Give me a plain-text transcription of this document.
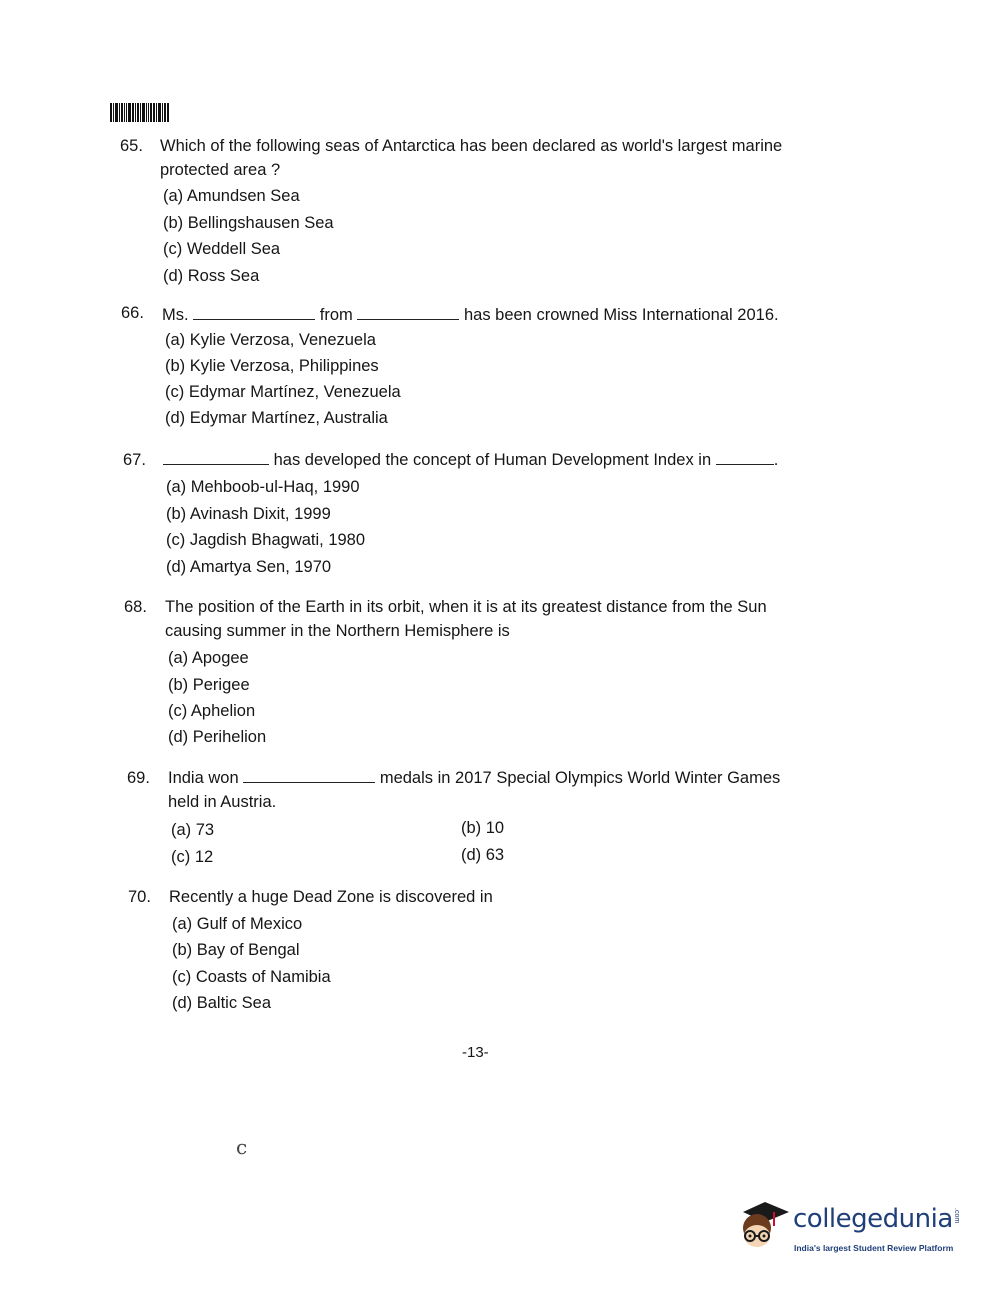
65. Which of the following seas of Antarctica has been declared as world's largest marine
protected area ?
(a) Amundsen Sea
(b) Bellingshausen Sea
(c) Weddell Sea
(d) Ross Sea
66. Ms.	from	has been crowned Miss International 2016.
(a) Kylie Verzosa, Venezuela
(b) Kylie Verzosa, Philippines
(c) Edymar Martínez, Venezuela
(d) Edymar Martínez, Australia
67.	has developed the concept of Human Development Index in	.
(a) Mehboob-ul-Haq, 1990
(b) Avinash Dixit, 1999
(c) Jagdish Bhagwati, 1980
(d) Amartya Sen, 1970
68. The position of the Earth in its orbit, when it is at its greatest distance from the Sun
causing summer in the Northern Hemisphere is
(a) Apogee
(b) Perigee
(c) Aphelion
(d) Perihelion
69. India won	medals in 2017 Special Olympics World Winter Games
held in Austria.
(a) 73	(b) 10
(c) 12	(d) 63
70. Recently a huge Dead Zone is discovered in
(a) Gulf of Mexico
(b) Bay of Bengal
(c) Coasts of Namibia
(d) Baltic Sea
-13-
c
collegedunia .com
India's largest Student Review Platform
